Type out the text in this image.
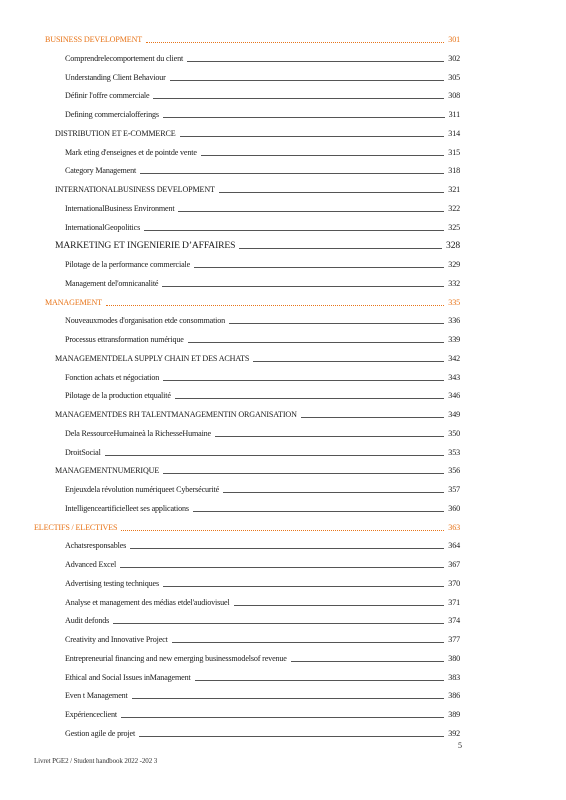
BUSINESS DEVELOPMENT	301
Comprendrelecomportement du client	302
Understanding Client Behaviour	305
Définir l'offre commerciale	308
Defining commercialofferings	311
DISTRIBUTION ET E-COMMERCE	314
Mark eting d'enseignes et de pointde vente	315
Category Management	318
INTERNATIONALBUSINESS DEVELOPMENT	321
InternationalBusiness Environment	322
InternationalGeopolitics	325
MARKETING ET INGENIERIE D’AFFAIRES	328
Pilotage de la performance commerciale	329
Management del'omnicanalité	332
MANAGEMENT	335
Nouveauxmodes d'organisation etde consommation	336
Processus ettransformation numérique	339
MANAGEMENTDELA SUPPLY CHAIN ET DES ACHATS	342
Fonction achats et négociation	343
Pilotage de la production etqualité	346
MANAGEMENTDES RH TALENTMANAGEMENTIN ORGANISATION	349
Dela RessourceHumaineà la RichesseHumaine	350
DroitSocial	353
MANAGEMENTNUMERIQUE	356
Enjeuxdela révolution numériqueet Cybersécurité	357
Intelligenceartificielleet ses applications	360
ELECTIFS / ELECTIVES	363
Achatsresponsables	364
Advanced Excel	367
Advertising testing techniques	370
Analyse et management des médias etdel'audiovisuel	371
Audit defonds	374
Creativity and Innovative Project	377
Entrepreneurial financing and new emerging businessmodelsof revenue	380
Ethical and Social Issues inManagement	383
Even t Management	386
Expérienceclient	389
Gestion agile de projet	392
5
Livret PGE2 / Student handbook 2022 -202 3
